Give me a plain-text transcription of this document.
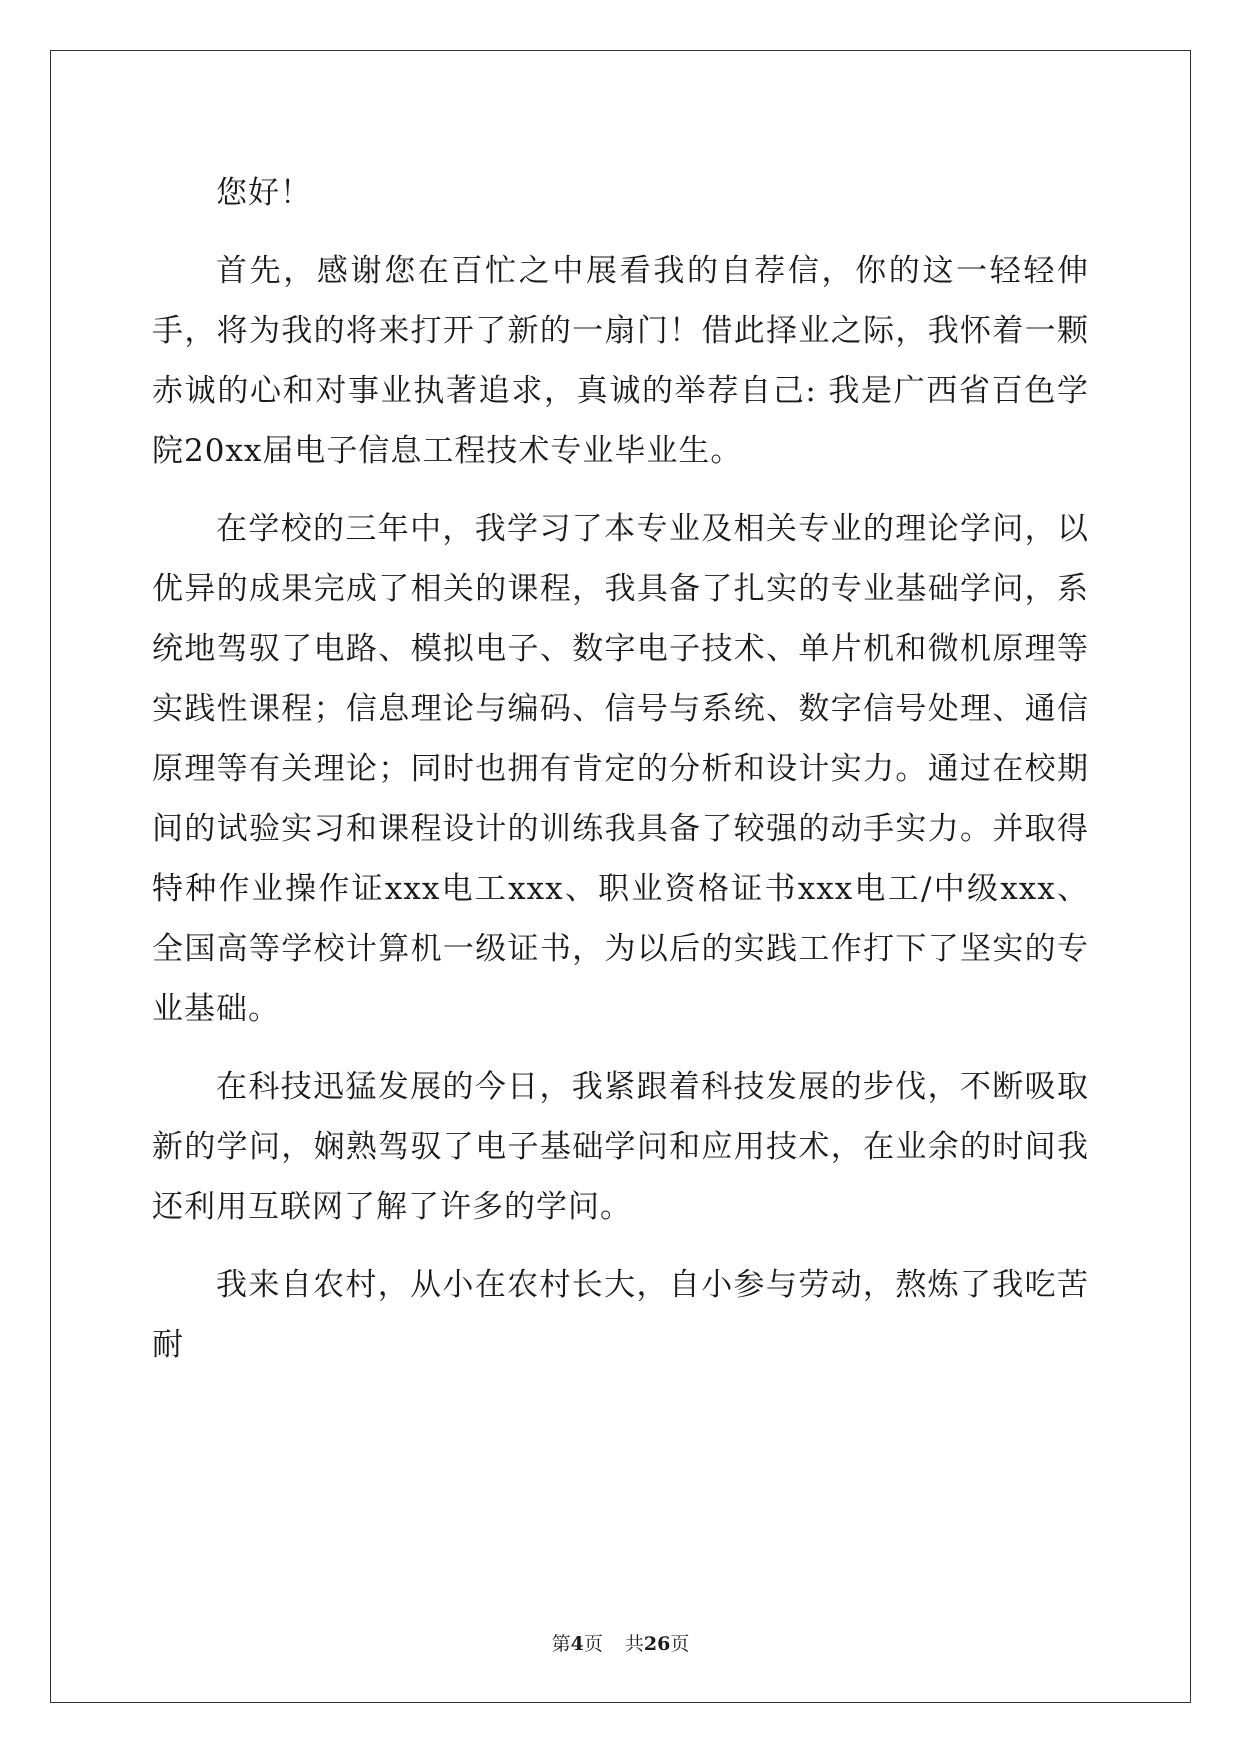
您好！

首先，感谢您在百忙之中展看我的自荐信，你的这一轻轻伸手，将为我的将来打开了新的一扇门！借此择业之际，我怀着一颗赤诚的心和对事业执著追求，真诚的举荐自己: 我是广西省百色学院20xx届电子信息工程技术专业毕业生。

在学校的三年中，我学习了本专业及相关专业的理论学问，以优异的成果完成了相关的课程，我具备了扎实的专业基础学问，系统地驾驭了电路、模拟电子、数字电子技术、单片机和微机原理等实践性课程；信息理论与编码、信号与系统、数字信号处理、通信原理等有关理论；同时也拥有肯定的分析和设计实力。通过在校期间的试验实习和课程设计的训练我具备了较强的动手实力。并取得特种作业操作证xxx电工xxx、职业资格证书xxx电工/中级xxx、全国高等学校计算机一级证书，为以后的实践工作打下了坚实的专业基础。

在科技迅猛发展的今日，我紧跟着科技发展的步伐，不断吸取新的学问，娴熟驾驭了电子基础学问和应用技术，在业余的时间我还利用互联网了解了许多的学问。

我来自农村，从小在农村长大，自小参与劳动，熬炼了我吃苦耐

第4页 共26页
